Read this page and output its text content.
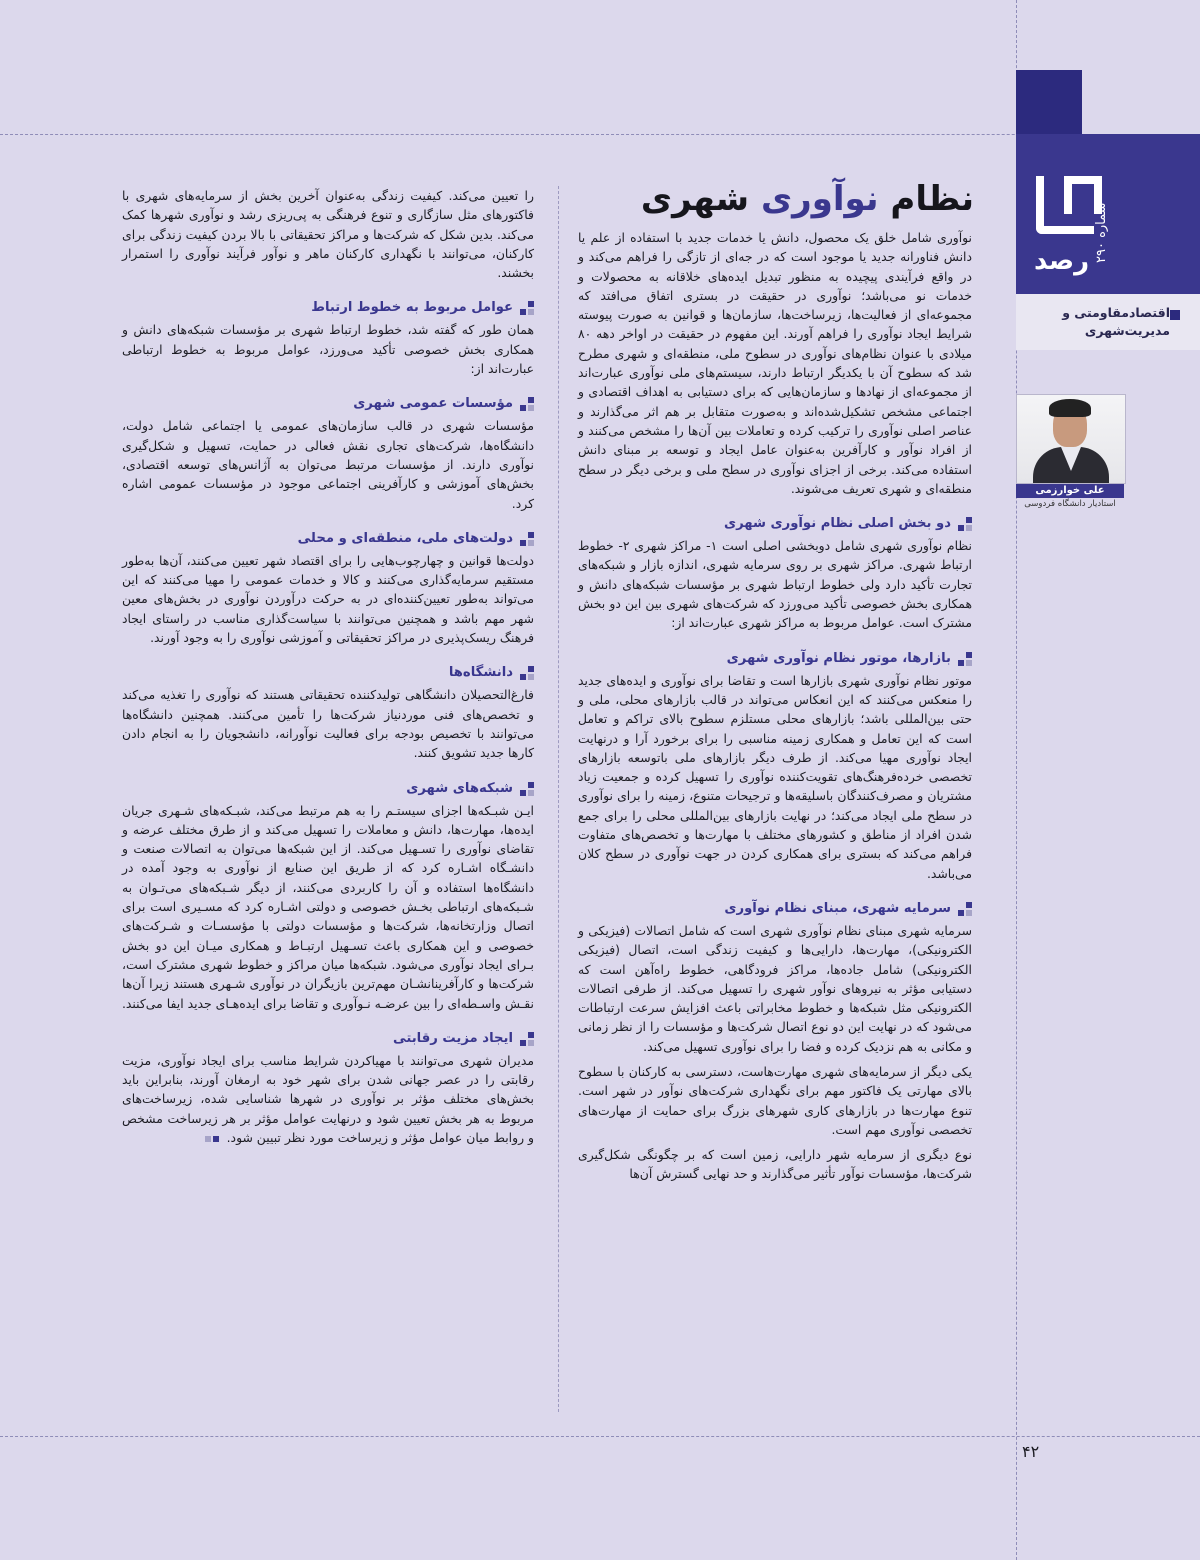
رصد شماره ۲۹۰
اقتصادمقاومتی و مدیریت‌شهری
علی خوارزمی
استادیار دانشگاه فردوسی
نظام نوآوری شهری

نوآوری شامل خلق یک محصول، دانش یا خدمات جدید با استفاده از علم یا دانش فناورانه جدید یا موجود است که در جه‌ای از تازگی را فراهم می‌کند و در واقع فرآیندی پیچیده به منظور تبدیل ایده‌های خلاقانه به محصولات و خدمات نو می‌باشد؛ نوآوری در حقیقت در بستری اتفاق می‌افتد که مجموعه‌ای از فعالیت‌ها، زیرساخت‌ها، سازمان‌ها و قوانین به صورت پیوسته شرایط ایجاد نوآوری را فراهم آورند. این مفهوم در حقیقت در اواخر دهه ۸۰ میلادی با عنوان نظام‌های نوآوری در سطوح ملی، منطقه‌ای و شهری مطرح شد که سطوح آن با یکدیگر ارتباط دارند، سیستم‌های ملی نوآوری عبارت‌اند از مجموعه‌ای از نهادها و سازمان‌هایی که برای دستیابی به اهداف اقتصادی و اجتماعی مشخص تشکیل‌شده‌اند و به‌صورت متقابل بر هم اثر می‌گذارند و عناصر اصلی نوآوری را ترکیب کرده و تعاملات بین آن‌ها را مشخص می‌کنند و از افراد نوآور و کارآفرین به‌عنوان عامل ایجاد و توسعه بر مبنای دانش استفاده می‌کند. برخی از اجزای نوآوری در سطح ملی و برخی دیگر در سطح منطقه‌ای و شهری تعریف می‌شوند.

دو بخش اصلی نظام نوآوری شهری

نظام نوآوری شهری شامل دوبخشی اصلی است ۱- مراکز شهری ۲- خطوط ارتباط شهری. مراکز شهری بر روی سرمایه شهری، اندازه بازار و شبکه‌های تجارت تأکید دارد ولی خطوط ارتباط شهری بر مؤسسات شبکه‌های دانش و همکاری بخش خصوصی تأکید می‌ورزد که شرکت‌های شهری بین این دو بخش مشترک است. عوامل مربوط به مراکز شهری عبارت‌اند از:

بازارها، موتور نظام نوآوری شهری

موتور نظام نوآوری شهری بازارها است و تقاضا برای نوآوری و ایده‌های جدید را منعکس می‌کنند که این انعکاس می‌تواند در قالب بازارهای محلی، ملی و حتی بین‌المللی باشد؛ بازارهای محلی مستلزم سطوح بالای تراکم و تعامل است که این تعامل و همکاری زمینه مناسبی را برای برخورد آرا و درنهایت ایجاد نوآوری مهیا می‌کند. از طرف دیگر بازارهای ملی باتوسعه بازارهای تخصصی خرده‌فرهنگ‌های تقویت‌کننده نوآوری را تسهیل کرده و جمعیت زیاد مشتریان و مصرف‌کنندگان باسلیقه‌ها و ترجیحات متنوع، زمینه را برای نوآوری در سطح ملی ایجاد می‌کند؛ در نهایت بازارهای بین‌المللی محلی را برای جمع شدن افراد از مناطق و کشورهای مختلف با مهارت‌ها و تخصص‌های متفاوت فراهم می‌کند که بستری برای همکاری کردن در جهت نوآوری در سطح کلان می‌باشد.

سرمایه شهری، مبنای نظام نوآوری

سرمایه شهری مبنای نظام نوآوری شهری است که شامل اتصالات (فیزیکی و الکترونیکی)، مهارت‌ها، دارایی‌ها و کیفیت زندگی است، اتصال (فیزیکی الکترونیکی) شامل جاده‌ها، مراکز فرودگاهی، خطوط راه‌آهن است که دستیابی مؤثر به نیروهای نوآور شهری را تسهیل می‌کند. از طرفی اتصالات الکترونیکی مثل شبکه‌ها و خطوط مخابراتی باعث افزایش سرعت ارتباطات می‌شود که در نهایت این دو نوع اتصال شرکت‌ها و مؤسسات را از نظر زمانی و مکانی به هم نزدیک کرده و فضا را برای نوآوری تسهیل می‌کند.

یکی دیگر از سرمایه‌های شهری مهارت‌هاست، دسترسی به کارکنان با سطوح بالای مهارتی یک فاکتور مهم برای نگهداری شرکت‌های نوآور در شهر است. تنوع مهارت‌ها در بازارهای کاری شهرهای بزرگ برای حمایت از مهارت‌های تخصصی نوآوری مهم است.

نوع دیگری از سرمایه شهر دارایی، زمین است که بر چگونگی شکل‌گیری شرکت‌ها، مؤسسات نوآور تأثیر می‌گذارند و حد نهایی گسترش آن‌ها

را تعیین می‌کند. کیفیت زندگی به‌عنوان آخرین بخش از سرمایه‌های شهری با فاکتورهای مثل سازگاری و تنوع فرهنگی به پی‌ریزی رشد و نوآوری شهرها کمک می‌کند. بدین شکل که شرکت‌ها و مراکز تحقیقاتی با بالا بردن کیفیت زندگی برای کارکنان، می‌توانند با نگهداری کارکنان ماهر و نوآور فرآیند نوآوری را استمرار بخشند.

عوامل مربوط به خطوط ارتباط

همان طور که گفته شد، خطوط ارتباط شهری بر مؤسسات شبکه‌های دانش و همکاری بخش خصوصی تأکید می‌ورزد، عوامل مربوط به خطوط ارتباطی عبارت‌اند از:

مؤسسات عمومی شهری

مؤسسات شهری در قالب سازمان‌های عمومی یا اجتماعی شامل دولت، دانشگاه‌ها، شرکت‌های تجاری نقش فعالی در حمایت، تسهیل و شکل‌گیری نوآوری دارند. از مؤسسات مرتبط می‌توان به آژانس‌های توسعه اقتصادی، بخش‌های آموزشی و کارآفرینی اجتماعی موجود در مؤسسات عمومی اشاره کرد.

دولت‌های ملی، منطقه‌ای و محلی

دولت‌ها قوانین و چهارچوب‌هایی را برای اقتصاد شهر تعیین می‌کنند، آن‌ها به‌طور مستقیم سرمایه‌گذاری می‌کنند و کالا و خدمات عمومی را مهیا می‌کنند که این می‌تواند به‌طور تعیین‌کننده‌ای در به حرکت درآوردن نوآوری در بخش‌های معین شهر مهم باشد و همچنین می‌توانند با سیاست‌گذاری مناسب در راستای ایجاد فرهنگ ریسک‌پذیری در مراکز تحقیقاتی و آموزشی نوآوری را به وجود آورند.

دانشگاه‌ها

فارغ‌التحصیلان دانشگاهی تولیدکننده تحقیقاتی هستند که نوآوری را تغذیه می‌کند و تخصص‌های فنی موردنیاز شرکت‌ها را تأمین می‌کنند. همچنین دانشگاه‌ها می‌توانند با تخصیص بودجه برای فعالیت نوآورانه، دانشجویان را به انجام دادن کارها جدید تشویق کنند.

شبکه‌های شهری

ایـن شبـکه‌ها اجزای سیستـم را به هم مرتبط می‌کند، شبـکه‌های شـهری جریان ایده‌ها، مهارت‌ها، دانش و معاملات را تسهیل می‌کند و از طرق مختلف عرضه و تقاضای نوآوری را تسـهیل می‌کند. از این شبکه‌ها می‌توان به اتصالات صنعت و دانشـگاه اشـاره کرد که از طریق این صنایع از نوآوری به وجود آمده در دانشگاه‌ها استفاده و آن را کاربردی می‌کنند، از دیگر شـبکه‌های می‌تـوان به شـبکه‌های ارتباطی بخـش خصوصی و دولتی اشـاره کرد که مسـیری است برای اتصال وزارتخانه‌ها، شرکت‌ها و مؤسسات دولتی با مؤسسـات و شـرکت‌های خصوصی و این همکاری باعث تسـهیل ارتبـاط و همکاری میـان این دو بخش بـرای ایجاد نوآوری می‌شود. شبکه‌ها میان مراکز و خطوط شهری مشترک است، شرکت‌ها و کارآفرینانشـان مهم‌ترین بازیگران در نوآوری شـهری هستند زیرا آن‌ها نقـش واسـطه‌ای را بین عرضـه نـوآوری و تقاضا برای ایده‌هـای جدید ایفا می‌کنند.

ایجاد مزیت رقابتی

مدیران شهری می‌توانند با مهیاکردن شرایط مناسب برای ایجاد نوآوری، مزیت رقابتی را در عصر جهانی شدن برای شهر خود به ارمغان آورند، بنابراین باید بخش‌های مختلف مؤثر بر نوآوری در شهرها شناسایی شده، زیرساخت‌های مربوط به هر بخش تعیین شود و درنهایت عوامل مؤثر بر هر زیرساخت مشخص و روابط میان عوامل مؤثر و زیرساخت مورد نظر تبیین شود.

۴۲
